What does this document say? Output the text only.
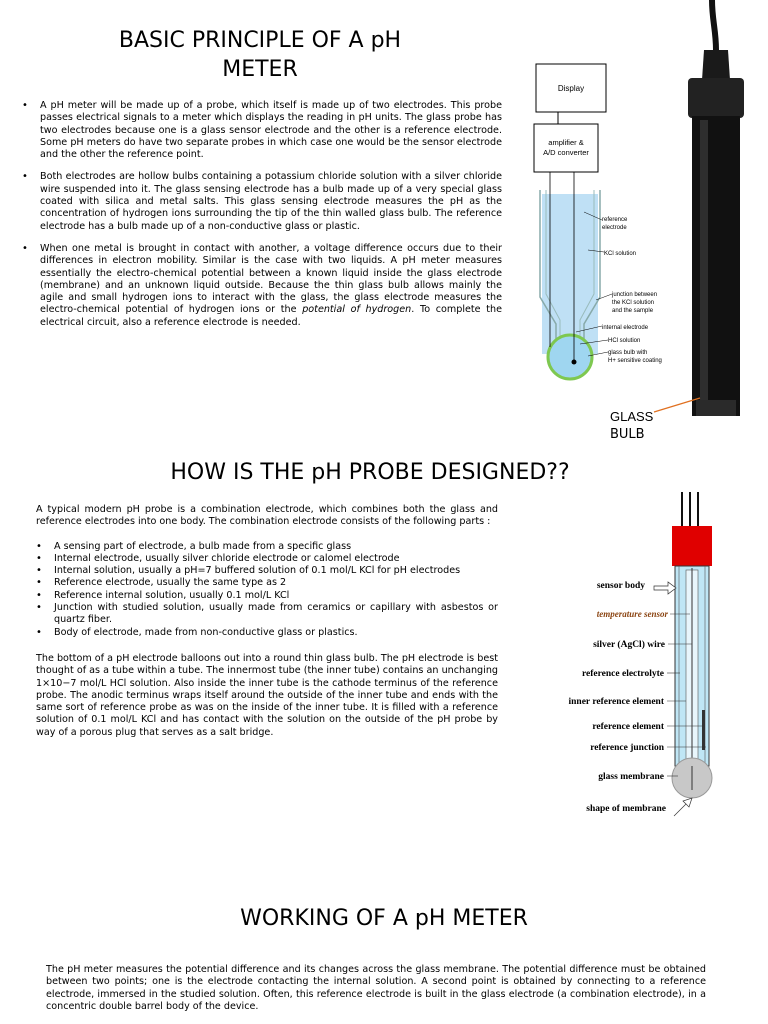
BASIC PRINCIPLE OF A pH
METER
• A pH meter will be made up of a probe, which itself is made up of two electrodes. This probe passes electrical signals to a meter which displays the reading in pH units. The glass probe has two electrodes because one is a glass sensor electrode and the other is a reference electrode. Some pH meters do have two separate probes in which case one would be the sensor electrode and the other the reference point.
• Both electrodes are hollow bulbs containing a potassium chloride solution with a silver chloride wire suspended into it. The glass sensing electrode has a bulb made up of a very special glass coated with silica and metal salts. This glass sensing electrode measures the pH as the concentration of hydrogen ions surrounding the tip of the thin walled glass bulb. The reference electrode has a bulb made up of a non-conductive glass or plastic.
• When one metal is brought in contact with another, a voltage difference occurs due to their differences in electron mobility. Similar is the case with two liquids. A pH meter measures essentially the electro-chemical potential between a known liquid inside the glass electrode (membrane) and an unknown liquid outside. Because the thin glass bulb allows mainly the agile and small hydrogen ions to interact with the glass, the glass electrode measures the electro-chemical potential of hydrogen ions or the potential of hydrogen. To complete the electrical circuit, also a reference electrode is needed.
Display
amplifier &
A/D converter
reference
electrode
KCl solution
junction between
the KCl solution
and the sample
internal electrode
HCl solution
glass bulb with
H+ sensitive coating
GLASS
BULB
HOW IS THE pH PROBE DESIGNED??

A typical modern pH probe is a combination electrode, which combines both the glass and reference electrodes into one body. The combination electrode consists of the following parts :

• A sensing part of electrode, a bulb made from a specific glass
• Internal electrode, usually silver chloride electrode or calomel electrode
• Internal solution, usually a pH=7 buffered solution of 0.1 mol/L KCl for pH electrodes
• Reference electrode, usually the same type as 2
• Reference internal solution, usually 0.1 mol/L KCl
• Junction with studied solution, usually made from ceramics or capillary with asbestos or quartz fiber.
• Body of electrode, made from non-conductive glass or plastics.

The bottom of a pH electrode balloons out into a round thin glass bulb. The pH electrode is best thought of as a tube within a tube. The innermost tube (the inner tube) contains an unchanging 1×10−7 mol/L HCl solution. Also inside the inner tube is the cathode terminus of the reference probe. The anodic terminus wraps itself around the outside of the inner tube and ends with the same sort of reference probe as was on the inside of the inner tube. It is filled with a reference solution of 0.1 mol/L KCl and has contact with the solution on the outside of the pH probe by way of a porous plug that serves as a salt bridge.

sensor body
temperature sensor
silver (AgCl) wire
reference electrolyte
inner reference element
reference element
reference junction
glass membrane
shape of membrane
WORKING OF A pH METER

The pH meter measures the potential difference and its changes across the glass membrane. The potential difference must be obtained between two points; one is the electrode contacting the internal solution. A second point is obtained by connecting to a reference electrode, immersed in the studied solution. Often, this reference electrode is built in the glass electrode (a combination electrode), in a concentric double barrel body of the device.
